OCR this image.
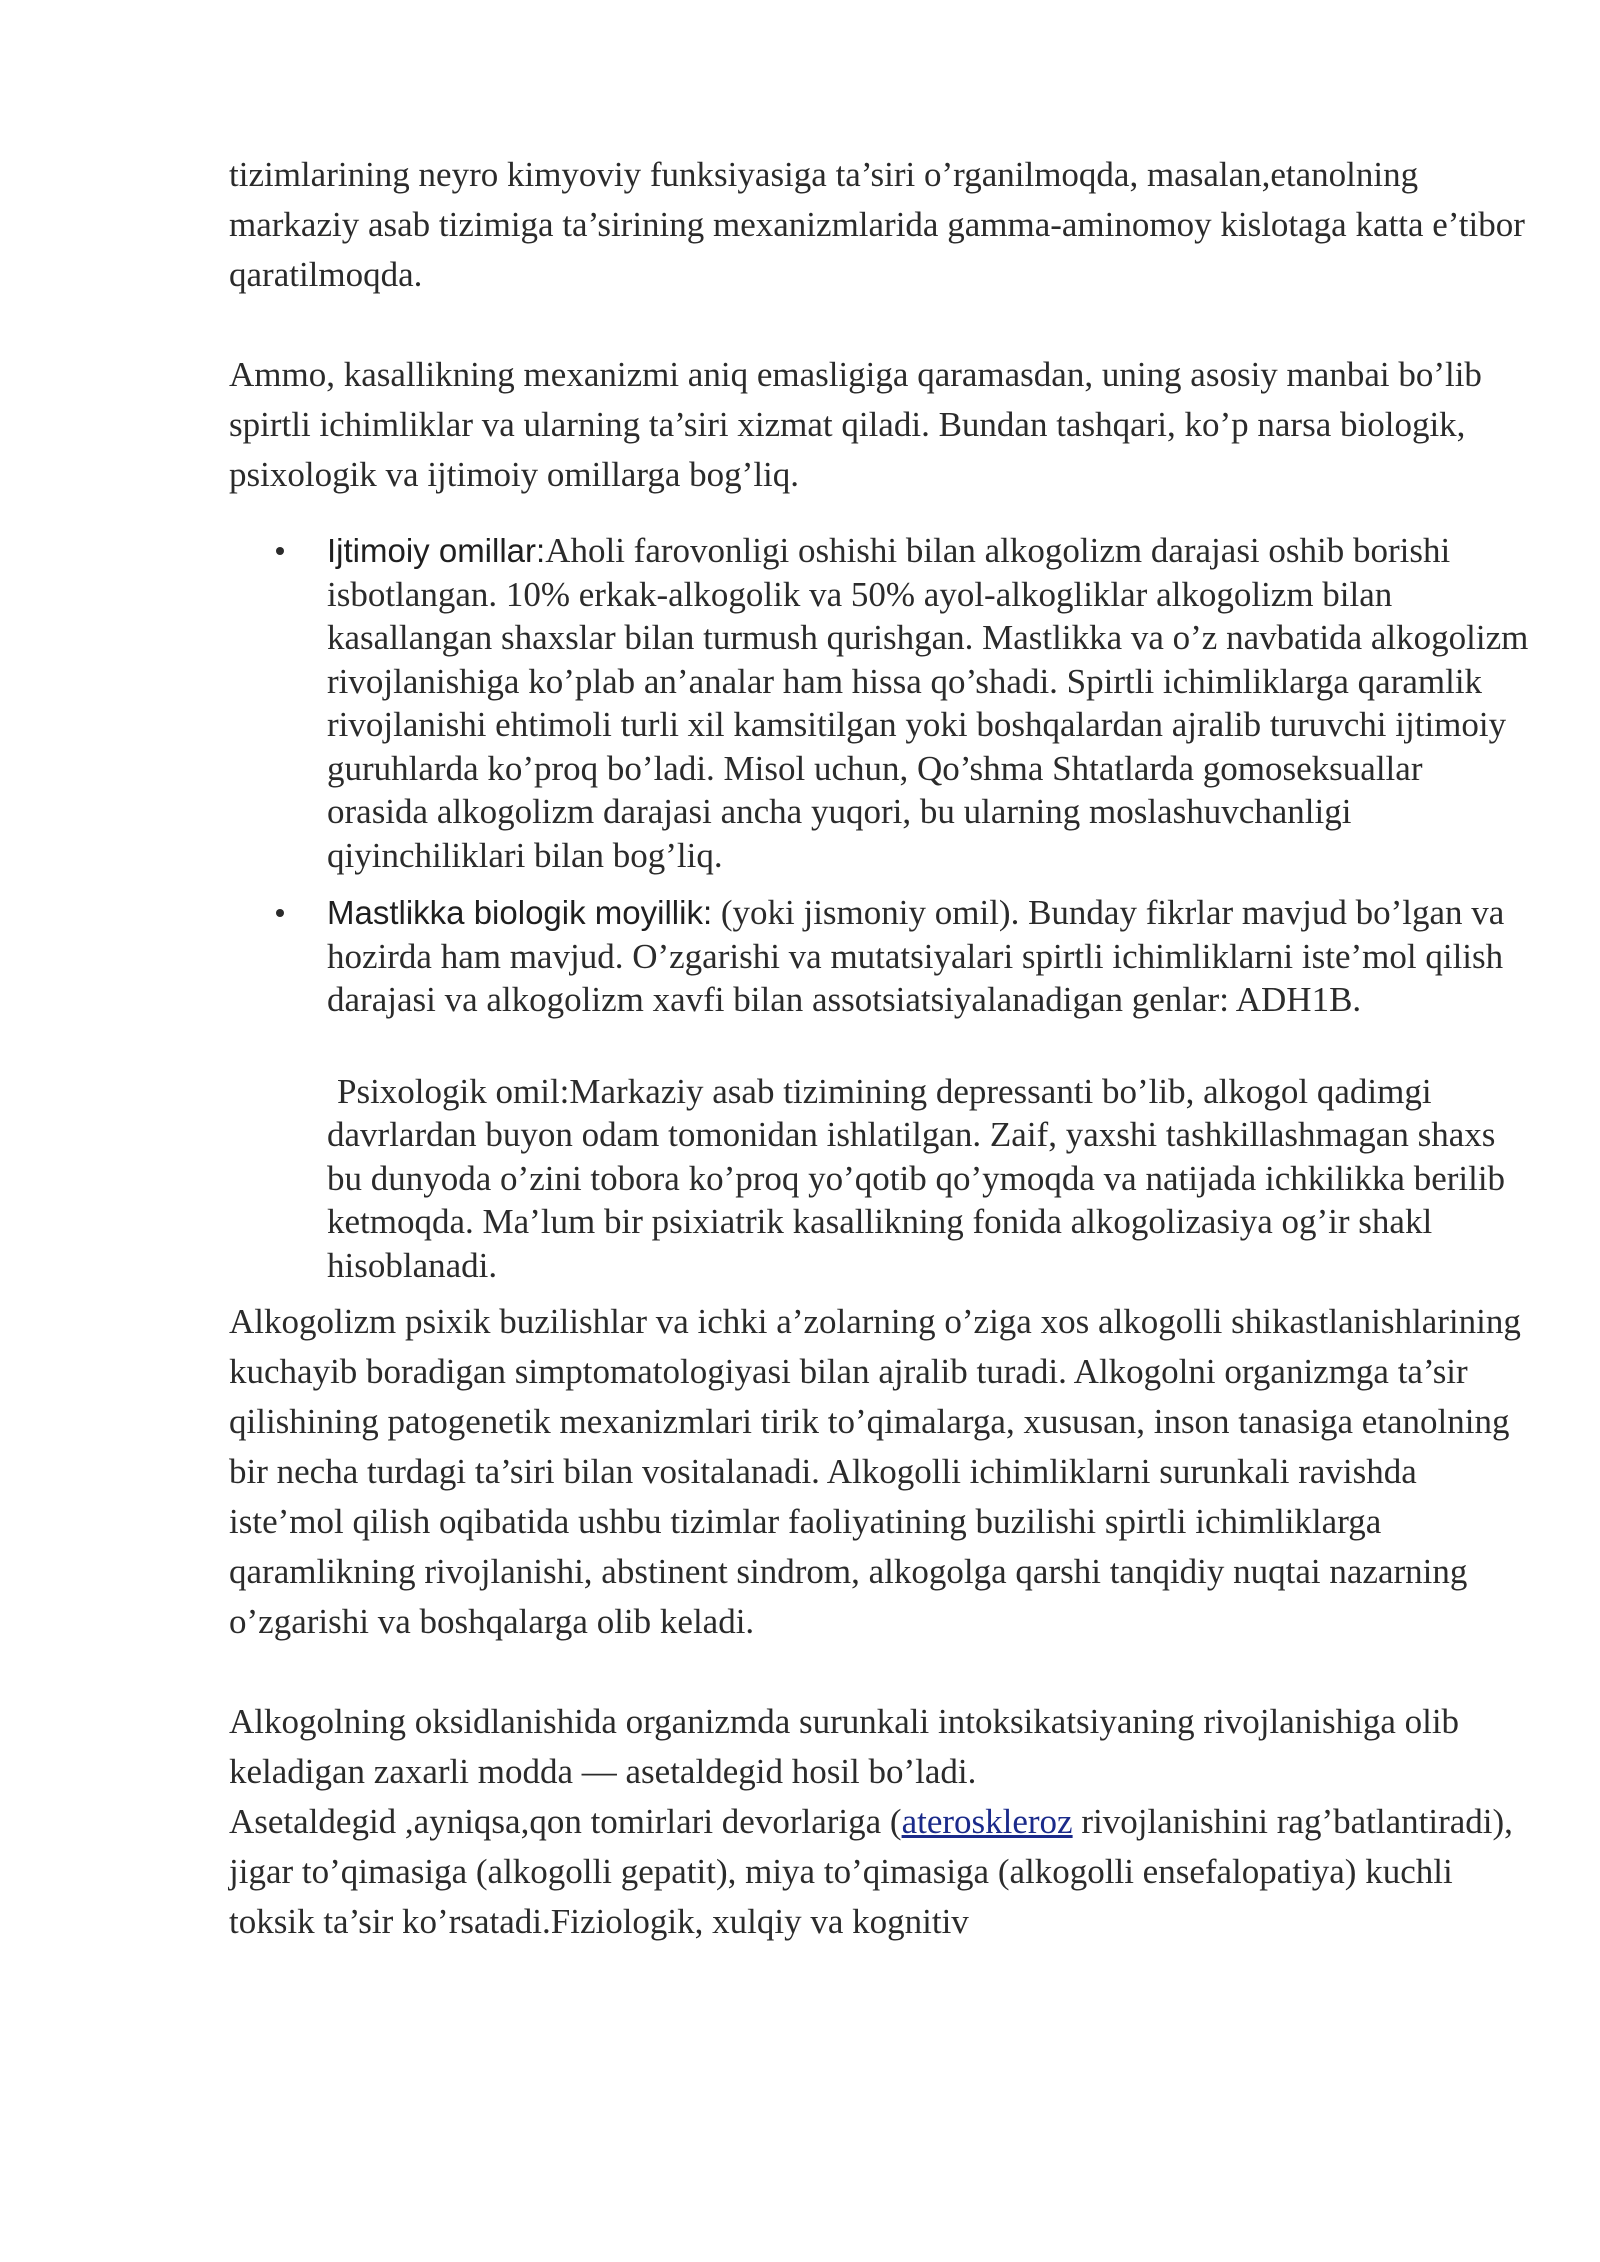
tizimlarining neyro kimyoviy funksiyasiga ta’siri o’rganilmoqda, masalan,etanolning markaziy asab tizimiga ta’sirining mexanizmlarida gamma-aminomoy kislotaga katta e’tibor qaratilmoqda.

Ammo, kasallikning mexanizmi aniq emasligiga qaramasdan, uning asosiy manbai bo’lib spirtli ichimliklar va ularning ta’siri xizmat qiladi. Bundan tashqari, ko’p narsa biologik, psixologik va ijtimoiy omillarga bog’liq.

Ijtimoiy omillar:Aholi farovonligi oshishi bilan alkogolizm darajasi oshib borishi isbotlangan. 10% erkak-alkogolik va 50% ayol-alkogliklar alkogolizm bilan kasallangan shaxslar bilan turmush qurishgan. Mastlikka va o’z navbatida alkogolizm rivojlanishiga ko’plab an’analar ham hissa qo’shadi. Spirtli ichimliklarga qaramlik rivojlanishi ehtimoli turli xil kamsitilgan yoki boshqalardan ajralib turuvchi ijtimoiy guruhlarda ko’proq bo’ladi. Misol uchun, Qo’shma Shtatlarda gomoseksuallar orasida alkogolizm darajasi ancha yuqori, bu ularning moslashuvchanligi qiyinchiliklari bilan bog’liq.
Mastlikka biologik moyillik: (yoki jismoniy omil). Bunday fikrlar mavjud bo’lgan va hozirda ham mavjud. O’zgarishi va mutatsiyalari spirtli ichimliklarni iste’mol qilish darajasi va alkogolizm xavfi bilan assotsiatsiyalanadigan genlar: ADH1B.

Psixologik omil:Markaziy asab tizimining depressanti bo’lib, alkogol qadimgi davrlardan buyon odam tomonidan ishlatilgan. Zaif, yaxshi tashkillashmagan shaxs bu dunyoda o’zini tobora ko’proq yo’qotib qo’ymoqda va natijada ichkilikka berilib ketmoqda. Ma’lum bir psixiatrik kasallikning fonida alkogolizasiya og’ir shakl hisoblanadi.

Alkogolizm psixik buzilishlar va ichki a’zolarning o’ziga xos alkogolli shikastlanishlarining kuchayib boradigan simptomatologiyasi bilan ajralib turadi. Alkogolni organizmga ta’sir qilishining patogenetik mexanizmlari tirik to’qimalarga, xususan, inson tanasiga etanolning bir necha turdagi ta’siri bilan vositalanadi. Alkogolli ichimliklarni surunkali ravishda iste’mol qilish oqibatida ushbu tizimlar faoliyatining buzilishi spirtli ichimliklarga qaramlikning rivojlanishi, abstinent sindrom, alkogolga qarshi tanqidiy nuqtai nazarning o’zgarishi va boshqalarga olib keladi.

Alkogolning oksidlanishida organizmda surunkali intoksikatsiyaning rivojlanishiga olib keladigan zaxarli modda — asetaldegid hosil bo’ladi.

Asetaldegid ,ayniqsa,qon tomirlari devorlariga (ateroskleroz rivojlanishini rag’batlantiradi), jigar to’qimasiga (alkogolli gepatit), miya to’qimasiga (alkogolli ensefalopatiya) kuchli toksik ta’sir ko’rsatadi.Fiziologik, xulqiy va kognitiv
